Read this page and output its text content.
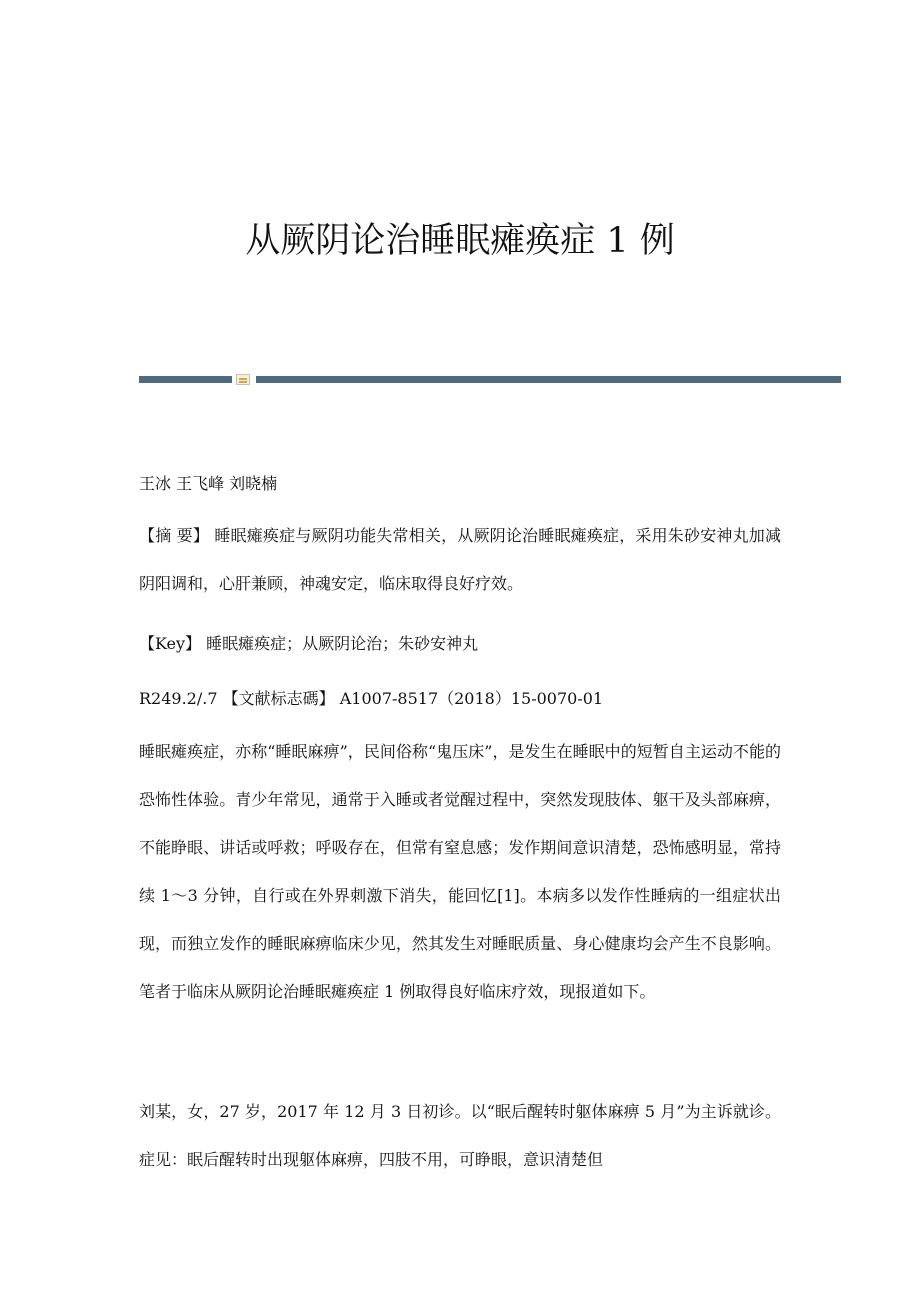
从厥阴论治睡眠瘫痪症 1 例
王冰 王飞峰 刘晓楠
【摘 要】 睡眠瘫痪症与厥阴功能失常相关，从厥阴论治睡眠瘫痪症，采用朱砂安神丸加减阴阳调和，心肝兼顾，神魂安定，临床取得良好疗效。
【Key】 睡眠瘫痪症；从厥阴论治；朱砂安神丸
R249.2/.7 【文献标志碼】 A1007-8517（2018）15-0070-01
睡眠瘫痪症，亦称“睡眠麻痹”，民间俗称“鬼压床”，是发生在睡眠中的短暂自主运动不能的恐怖性体验。青少年常见，通常于入睡或者觉醒过程中，突然发现肢体、躯干及头部麻痹，不能睁眼、讲话或呼救；呼吸存在，但常有窒息感；发作期间意识清楚，恐怖感明显，常持续 1～3 分钟，自行或在外界刺激下消失，能回忆[1]。本病多以发作性睡病的一组症状出现，而独立发作的睡眠麻痹临床少见，然其发生对睡眠质量、身心健康均会产生不良影响。笔者于临床从厥阴论治睡眠瘫痪症 1 例取得良好临床疗效，现报道如下。
刘某，女，27 岁，2017 年 12 月 3 日初诊。以“眠后醒转时躯体麻痹 5 月”为主诉就诊。症见：眠后醒转时出现躯体麻痹，四肢不用，可睁眼，意识清楚但
